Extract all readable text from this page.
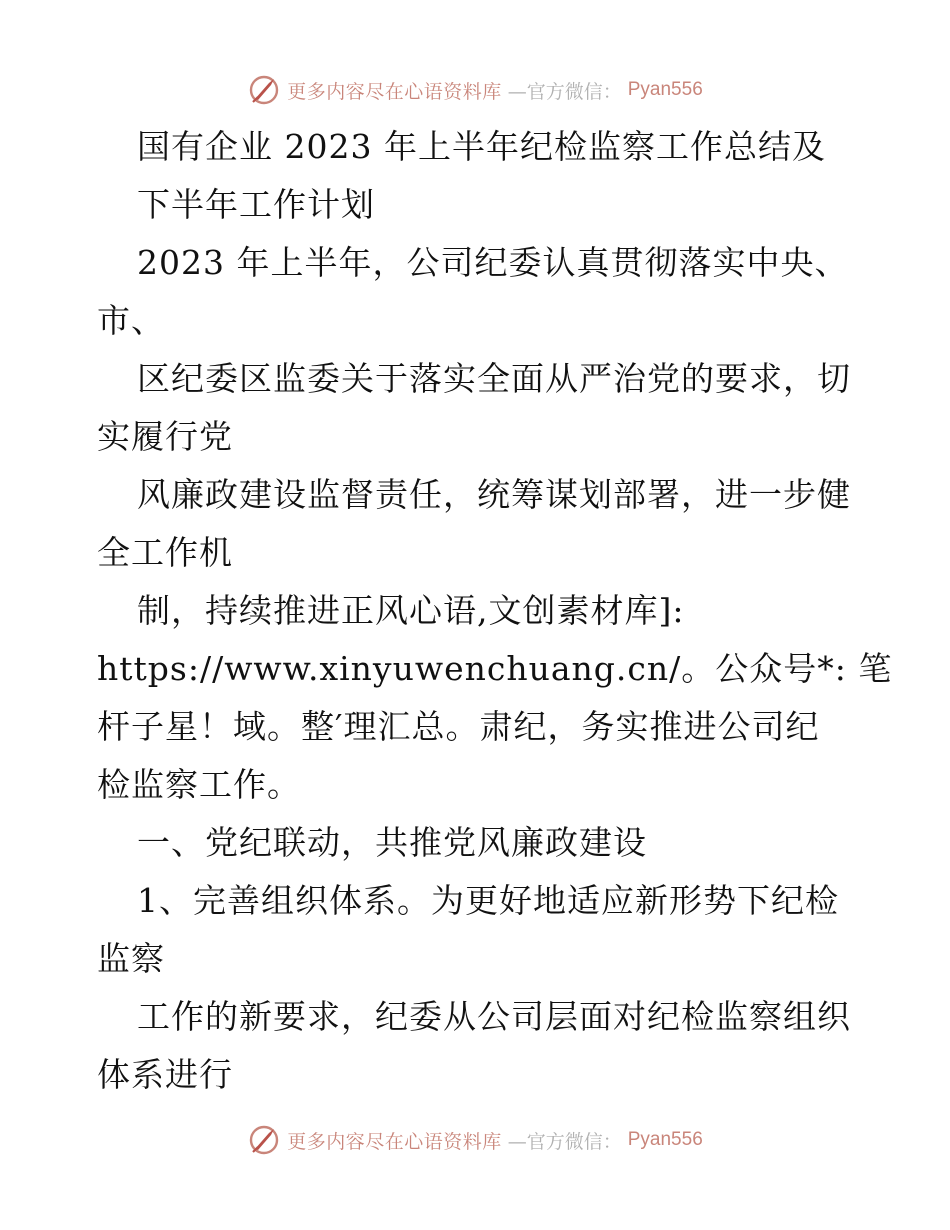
更多内容尽在心语资料库 —官方微信： Pyan556
国有企业 2023 年上半年纪检监察工作总结及
下半年工作计划
2023 年上半年，公司纪委认真贯彻落实中央、
市、
区纪委区监委关于落实全面从严治党的要求，切
实履行党
风廉政建设监督责任，统筹谋划部署，进一步健
全工作机
制，持续推进正风心语,文创素材库]:
https://www.xinyuwenchuang.cn/。公众号*: 笔
杆子星！域。整′理汇总。肃纪，务实推进公司纪
检监察工作。
一、党纪联动，共推党风廉政建设
1、完善组织体系。为更好地适应新形势下纪检
监察
工作的新要求，纪委从公司层面对纪检监察组织
体系进行
更多内容尽在心语资料库 —官方微信： Pyan556
